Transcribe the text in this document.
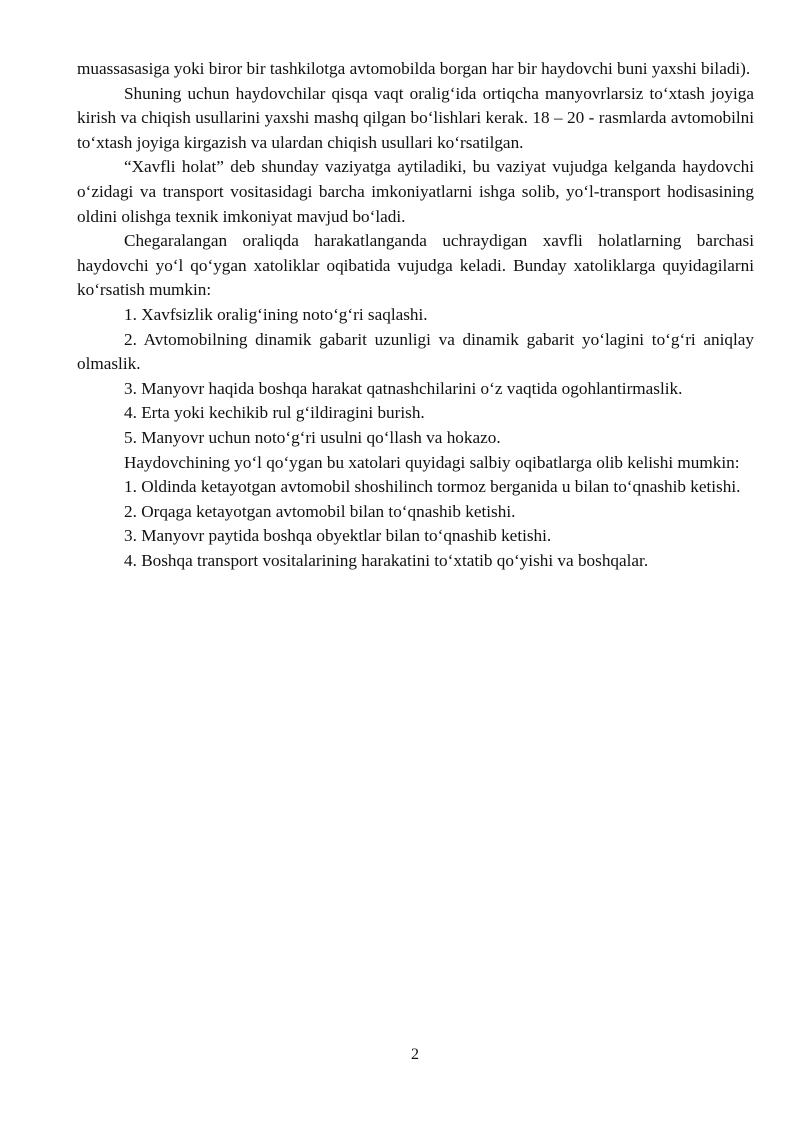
muassasasiga yoki biror bir tashkilotga avtomobilda borgan har bir haydovchi buni yaxshi biladi).

Shuning uchun haydovchilar qisqa vaqt oralig‘ida ortiqcha manyovrlarsiz to‘xtash joyiga kirish va chiqish usullarini yaxshi mashq qilgan bo‘lishlari kerak. 18 – 20 - rasmlarda avtomobilni to‘xtash joyiga kirgazish va ulardan chiqish usullari ko‘rsatilgan.

“Xavfli holat” deb shunday vaziyatga aytiladiki, bu vaziyat vujudga kelganda haydovchi o‘zidagi va transport vositasidagi barcha imkoniyatlarni ishga solib, yo‘l-transport hodisasining oldini olishga texnik imkoniyat mavjud bo‘ladi.

Chegaralangan oraliqda harakatlanganda uchraydigan xavfli holatlarning barchasi haydovchi yo‘l qo‘ygan xatoliklar oqibatida vujudga keladi. Bunday xatoliklarga quyidagilarni ko‘rsatish mumkin:

1. Xavfsizlik oralig‘ining noto‘g‘ri saqlashi.

2. Avtomobilning dinamik gabarit uzunligi va dinamik gabarit yo‘lagini to‘g‘ri aniqlay olmaslik.

3. Manyovr haqida boshqa harakat qatnashchilarini o‘z vaqtida ogohlantirmaslik.

4. Erta yoki kechikib rul g‘ildiragini burish.

5. Manyovr uchun noto‘g‘ri usulni qo‘llash va hokazo.

Haydovchining yo‘l qo‘ygan bu xatolari quyidagi salbiy oqibatlarga olib kelishi mumkin:

1. Oldinda ketayotgan avtomobil shoshilinch tormoz berganida u bilan to‘qnashib ketishi.

2. Orqaga ketayotgan avtomobil bilan to‘qnashib ketishi.

3. Manyovr paytida boshqa obyektlar bilan to‘qnashib ketishi.

4. Boshqa transport vositalarining harakatini to‘xtatib qo‘yishi va boshqalar.

2
